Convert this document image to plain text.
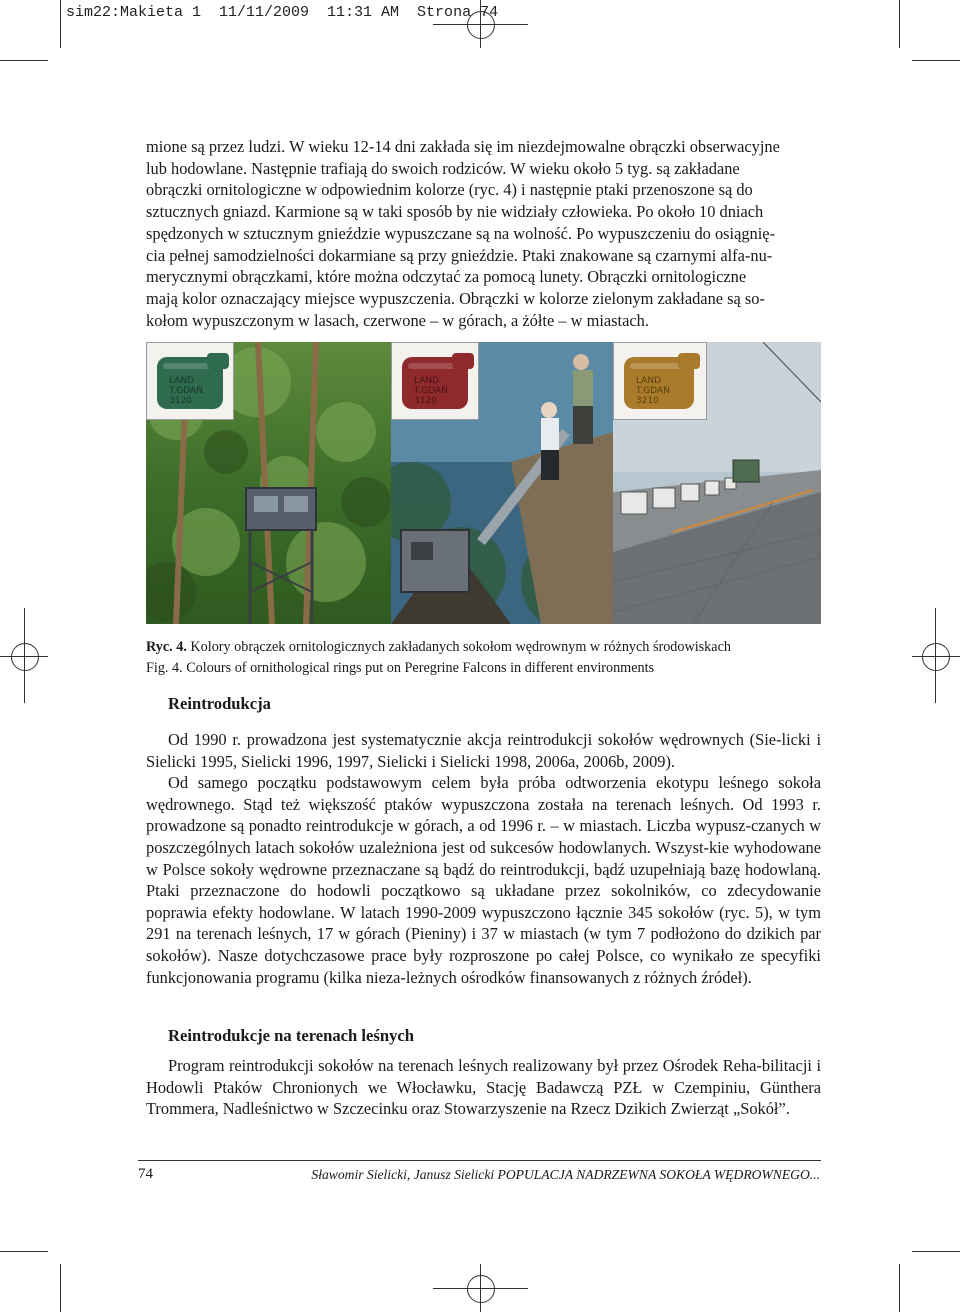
sim22:Makieta 1  11/11/2009  11:31 AM  Strona 74
mione są przez ludzi. W wieku 12-14 dni zakłada się im niezdejmowalne obrączki obserwacyjne
lub hodowlane. Następnie trafiają do swoich rodziców. W wieku około 5 tyg. są zakładane
obrączki ornitologiczne w odpowiednim kolorze (ryc. 4) i następnie ptaki przenoszone są do
sztucznych gniazd. Karmione są w taki sposób by nie widziały człowieka. Po około 10 dniach
spędzonych w sztucznym gnieździe wypuszczane są na wolność. Po wypuszczeniu do osiągnię-
cia pełnej samodzielności dokarmiane są przy gnieździe. Ptaki znakowane są czarnymi alfa-nu-
merycznymi obrączkami, które można odczytać za pomocą lunety. Obrączki ornitologiczne
mają kolor oznaczający miejsce wypuszczenia. Obrączki w kolorze zielonym zakładane są so-
kołom wypuszczonym w lasach, czerwone – w górach, a żółte – w miastach.
LAND T.GDAŃ 3120
LAND T.GDAŃ 3120
LAND T.GDAŃ 3210
Ryc. 4. Kolory obrączek ornitologicznych zakładanych sokołom wędrownym w różnych środowiskach
Fig. 4. Colours of ornithological rings put on Peregrine Falcons in different environments
Reintrodukcja

Od 1990 r. prowadzona jest systematycznie akcja reintrodukcji sokołów wędrownych (Sie-licki i Sielicki 1995, Sielicki 1996, 1997, Sielicki i Sielicki 1998, 2006a, 2006b, 2009).

Od samego początku podstawowym celem była próba odtworzenia ekotypu leśnego sokoła wędrownego. Stąd też większość ptaków wypuszczona została na terenach leśnych. Od 1993 r. prowadzone są ponadto reintrodukcje w górach, a od 1996 r. – w miastach. Liczba wypusz-czanych w poszczególnych latach sokołów uzależniona jest od sukcesów hodowlanych. Wszyst-kie wyhodowane w Polsce sokoły wędrowne przeznaczane są bądź do reintrodukcji, bądź uzupełniają bazę hodowlaną. Ptaki przeznaczone do hodowli początkowo są układane przez sokolników, co zdecydowanie poprawia efekty hodowlane. W latach 1990-2009 wypuszczono łącznie 345 sokołów (ryc. 5), w tym 291 na terenach leśnych, 17 w górach (Pieniny) i 37 w miastach (w tym 7 podłożono do dzikich par sokołów). Nasze dotychczasowe prace były rozproszone po całej Polsce, co wynikało ze specyfiki funkcjonowania programu (kilka nieza-leżnych ośrodków finansowanych z różnych źródeł).

Reintrodukcje na terenach leśnych

Program reintrodukcji sokołów na terenach leśnych realizowany był przez Ośrodek Reha-bilitacji i Hodowli Ptaków Chronionych we Włocławku, Stację Badawczą PZŁ w Czempiniu, Günthera Trommera, Nadleśnictwo w Szczecinku oraz Stowarzyszenie na Rzecz Dzikich Zwierząt „Sokół”.

74	Sławomir Sielicki, Janusz Sielicki POPULACJA NADRZEWNA SOKOŁA WĘDROWNEGO...
